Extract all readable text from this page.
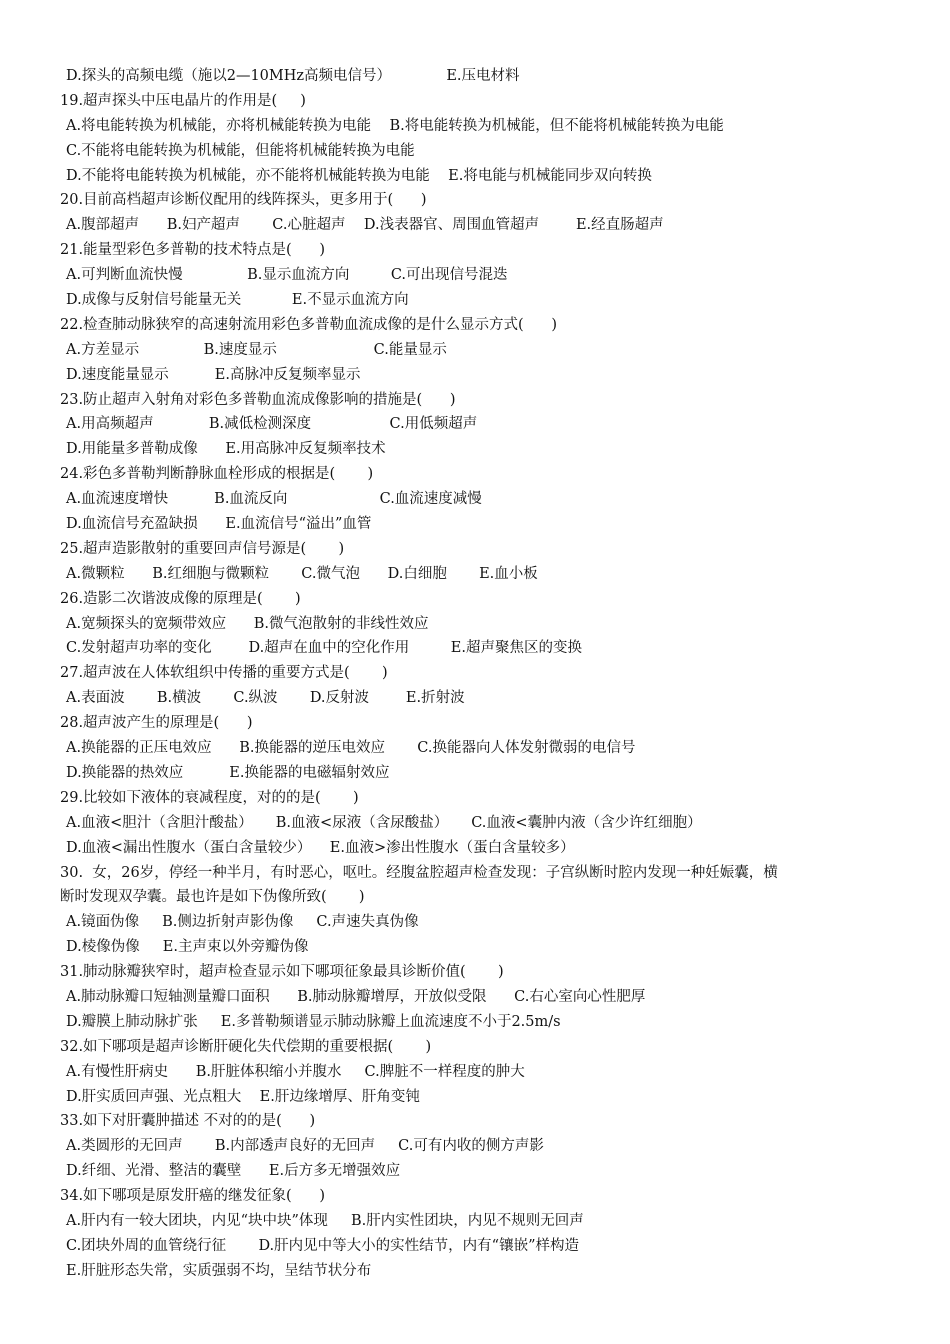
D.探头的高频电缆（施以2—10MHz高频电信号）            E.压电材料
19.超声探头中压电晶片的作用是(     )
A.将电能转换为机械能，亦将机械能转换为电能    B.将电能转换为机械能，但不能将机械能转换为电能
C.不能将电能转换为机械能，但能将机械能转换为电能
D.不能将电能转换为机械能，亦不能将机械能转换为电能    E.将电能与机械能同步双向转换
20.目前高档超声诊断仪配用的线阵探头，更多用于(      )
A.腹部超声      B.妇产超声       C.心脏超声    D.浅表器官、周围血管超声        E.经直肠超声
21.能量型彩色多普勒的技术特点是(      )
A.可判断血流快慢              B.显示血流方向         C.可出现信号混迭
D.成像与反射信号能量无关           E.不显示血流方向
22.检查肺动脉狭窄的高速射流用彩色多普勒血流成像的是什么显示方式(      )
A.方差显示              B.速度显示                     C.能量显示
D.速度能量显示          E.高脉冲反复频率显示
23.防止超声入射角对彩色多普勒血流成像影响的措施是(      )
A.用高频超声            B.减低检测深度                 C.用低频超声
D.用能量多普勒成像      E.用高脉冲反复频率技术
24.彩色多普勒判断静脉血栓形成的根据是(       )
A.血流速度增快          B.血流反向                    C.血流速度减慢
D.血流信号充盈缺损      E.血流信号“溢出”血管
25.超声造影散射的重要回声信号源是(       )
A.微颗粒      B.红细胞与微颗粒       C.微气泡      D.白细胞       E.血小板
26.造影二次谐波成像的原理是(       )
A.宽频探头的宽频带效应      B.微气泡散射的非线性效应
C.发射超声功率的变化        D.超声在血中的空化作用         E.超声聚焦区的变换
27.超声波在人体软组织中传播的重要方式是(       )
A.表面波       B.横波       C.纵波       D.反射波        E.折射波
28.超声波产生的原理是(      )
A.换能器的正压电效应      B.换能器的逆压电效应       C.换能器向人体发射微弱的电信号
D.换能器的热效应          E.换能器的电磁辐射效应
29.比较如下液体的衰减程度，对的的是(       )
A.血液<胆汁（含胆汁酸盐）     B.血液<尿液（含尿酸盐）     C.血液<囊肿内液（含少许红细胞）
D.血液<漏出性腹水（蛋白含量较少）    E.血液>渗出性腹水（蛋白含量较多）
30.  女，26岁，停经一种半月，有时恶心，呕吐。经腹盆腔超声检查发现：子宫纵断时腔内发现一种妊娠囊，横
断时发现双孕囊。最也许是如下伪像所致(       )
A.镜面伪像     B.侧边折射声影伪像     C.声速失真伪像
D.棱像伪像     E.主声束以外旁瓣伪像
31.肺动脉瓣狭窄时，超声检查显示如下哪项征象最具诊断价值(       )
A.肺动脉瓣口短轴测量瓣口面积      B.肺动脉瓣增厚，开放似受限      C.右心室向心性肥厚
D.瓣膜上肺动脉扩张     E.多普勒频谱显示肺动脉瓣上血流速度不小于2.5m/s
32.如下哪项是超声诊断肝硬化失代偿期的重要根据(       )
A.有慢性肝病史      B.肝脏体积缩小并腹水     C.脾脏不一样程度的肿大
D.肝实质回声强、光点粗大    E.肝边缘增厚、肝角变钝
33.如下对肝囊肿描述 不对的的是(      )
A.类圆形的无回声       B.内部透声良好的无回声     C.可有内收的侧方声影
D.纤细、光滑、整洁的囊壁      E.后方多无增强效应
34.如下哪项是原发肝癌的继发征象(      )
A.肝内有一较大团块，内见“块中块”体现     B.肝内实性团块，内见不规则无回声
C.团块外周的血管绕行征       D.肝内见中等大小的实性结节，内有“镶嵌”样构造
E.肝脏形态失常，实质强弱不均，呈结节状分布
